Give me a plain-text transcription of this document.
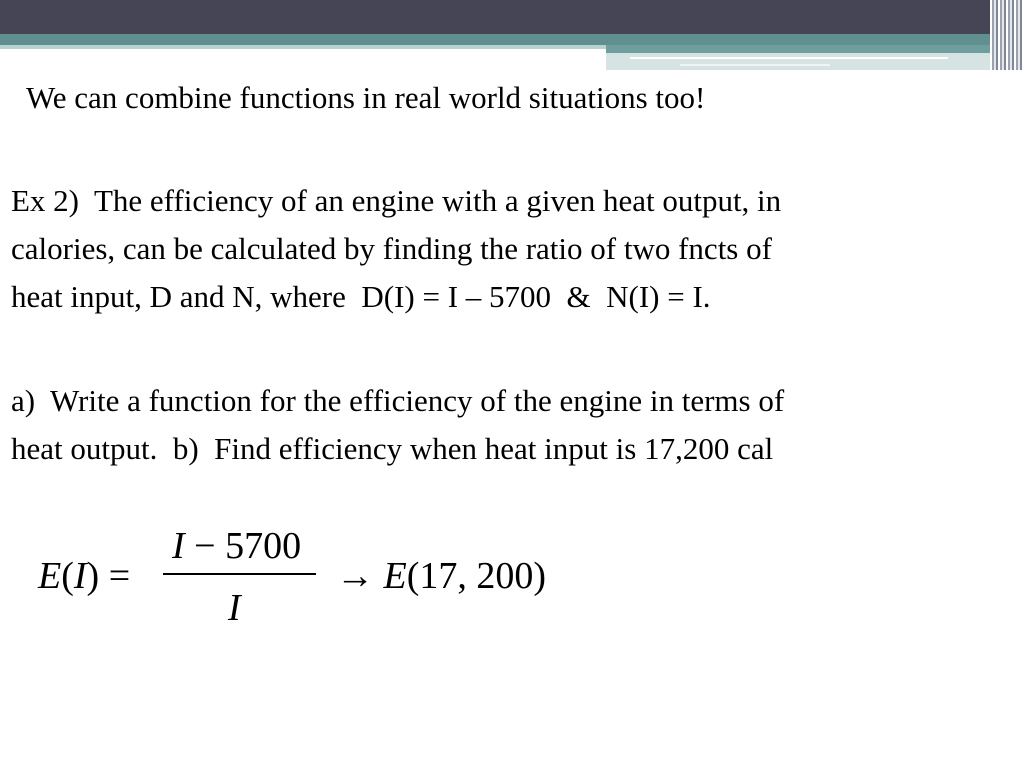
We can combine functions in real world situations too!
Ex 2)  The efficiency of an engine with a given heat output, in
calories, can be calculated by finding the ratio of two fncts of
heat input, D and N, where  D(I) = I – 5700  &  N(I) = I.
a)  Write a function for the efficiency of the engine in terms of
heat output.  b)  Find efficiency when heat input is 17,200 cal
E(I) =
I − 5700
I
→ E(17, 200)
